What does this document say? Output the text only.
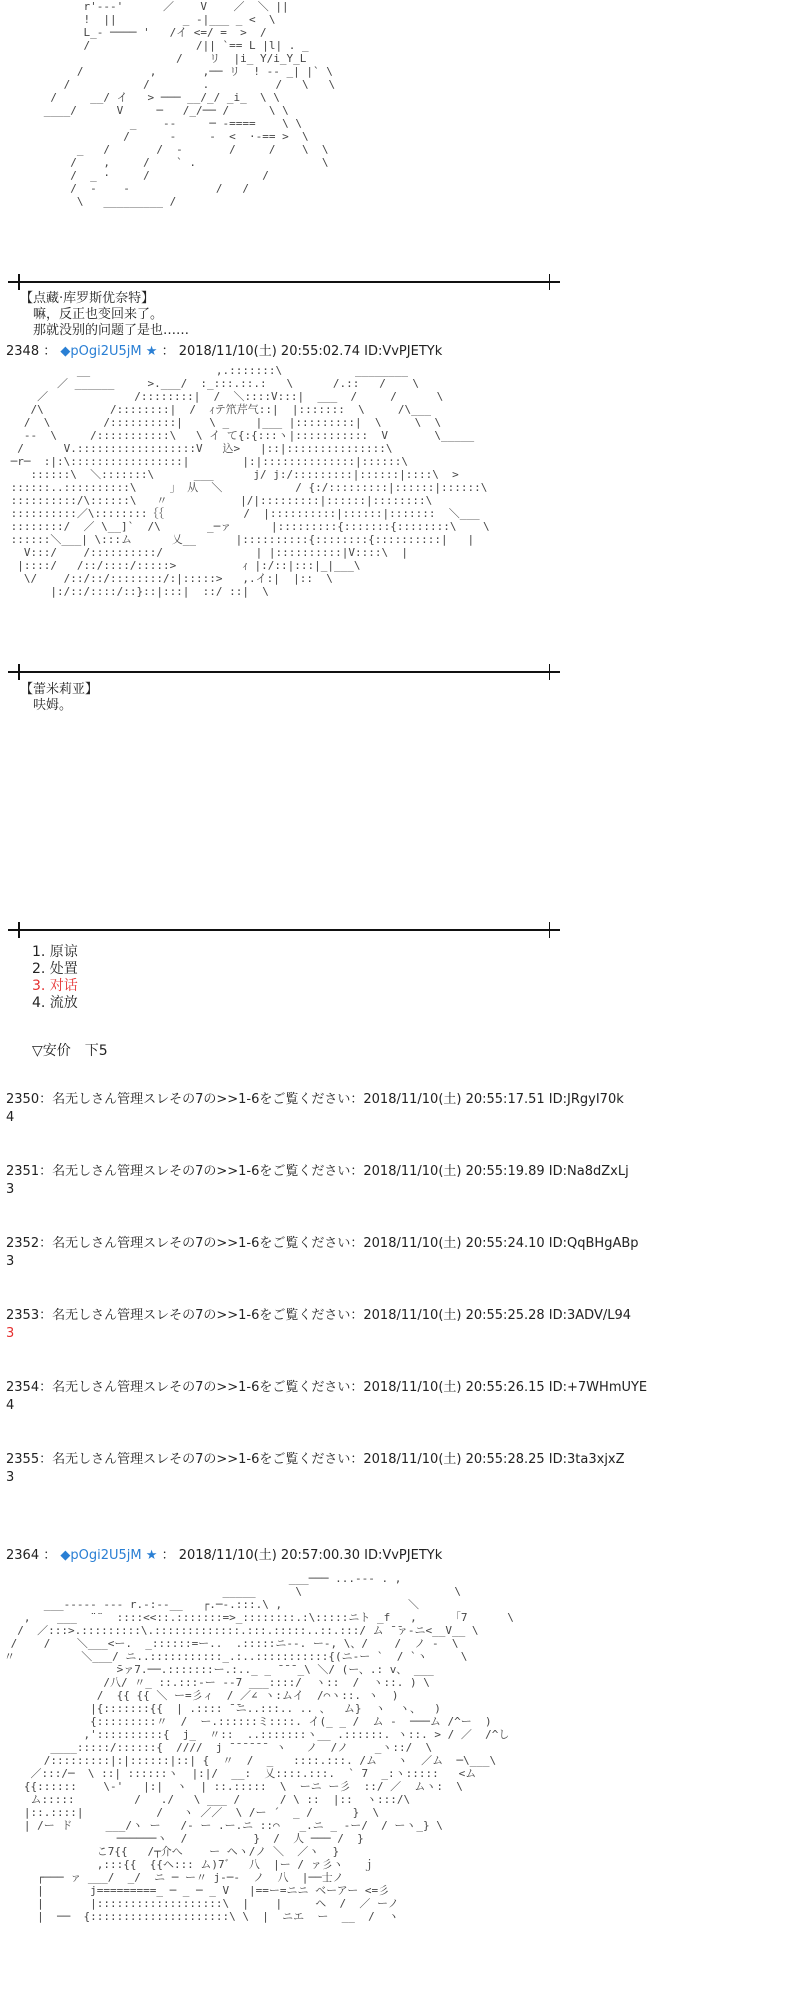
r'-‐‐'      ／    V    ／  ＼ ||
!  ||          _ -|___ _ <  \
L_- ──── '   /イ <=/ =  >  /
/                /|| `== L |l| . _
/    リ  |i_ Y/i_Y_L
/          ,       ,── リ  ! -- _| |` \
/           /        .          /   \   \
/     __/ イ   > ─── __/_/ _i_  \ \
____/      V     ─   /_/── /      \ \
_    --     ─ -====    \ \
/      -     -  <  ·-== >  \
_   /       /  -       /     /    \  \
/    ,     /    ` .                   \
/  _ ·     /                 /
/  -    -             /   /
\   _________ /
【点藏·库罗斯优奈特】
　嘛，反正也变回来了。
　那就没别的问题了是也……
2348 ： ◆pOgi2U5jM ★ ： 2018/11/10(土) 20:55:02.74 ID:VvPJETYk
__                   ,.:::::::\           ________
／ ______     >.___/  :_:::.::.:   \      /.::   /    \
／             /::::::::|  /  ＼::::V:::|  ___  /     /      \
/\          /::::::::|  /  ｨテ笊芹气::|  |:::::::  \     /\___
/  \        /::::::::::|    \ _    |___ |:::::::::|  \     \  \
--  \     /:::::::::::\   \ イ て{:{:::ヽ|:::::::::::  V       \_____
/      V.::::::::::::::::::V   込>   |::|:::::::::::::::\
─r─  :|:\:::::::::::::::::|        |:|::::::::::::::|::::::\
::::::\  ＼:::::::\      ___      j/ j:/:::::::::|::::::|::::\  >
::::::..::::::::::\     」 从  ＼           / {:/:::::::::|::::::|::::::\
::::::::::/\::::::\   〃           |/|:::::::::|::::::|::::::::\
::::::::::／\::::::::｛｛            /  |::::::::::|::::::|:::::::  ＼___
::::::::/  ／ \__]`  /\       _─ァ      |:::::::::{:::::::{::::::::\    \
::::::＼___| \:::ム      乂__      |::::::::::{::::::::{::::::::::|   |
V:::/    /::::::::::/              | |::::::::::|V::::\  |
|::::/   /::/::::/:::::>          ｨ |:/::|:::|_|___\
\/    /::/::/::::::::/:|:::::>   ,.イ:|  |::  \
|:/::/::::/::}::|:::|  ::/ ::|  \

【蕾米莉亚】
　呋姆。
1. 原谅
2. 处置
3. 对话
4. 流放
▽安价　下5
2350：名无しさん管理スレその7の>>1-6をご覧ください：2018/11/10(土) 20:55:17.51 ID:JRgyI70k
4
2351：名无しさん管理スレその7の>>1-6をご覧ください：2018/11/10(土) 20:55:19.89 ID:Na8dZxLj
3
2352：名无しさん管理スレその7の>>1-6をご覧ください：2018/11/10(土) 20:55:24.10 ID:QqBHgABp
3
2353：名无しさん管理スレその7の>>1-6をご覧ください：2018/11/10(土) 20:55:25.28 ID:3ADV/L94
3
2354：名无しさん管理スレその7の>>1-6をご覧ください：2018/11/10(土) 20:55:26.15 ID:+7WHmUYE
4
2355：名无しさん管理スレその7の>>1-6をご覧ください：2018/11/10(土) 20:55:28.25 ID:3ta3xjxZ
3
2364 ： ◆pOgi2U5jM ★ ： 2018/11/10(土) 20:57:00.30 ID:VvPJETYk
___─── ...--- . ,
_____      \                       \
___----- --- r.-:--__   ┌.─-.:::.\ ,                   ＼
,    ___  ¨¨  ::::<<::.:::::::=>_::::::::.:\:::::ニト _f   ,     「7      \
/  ／:::>.:::::::::\.:::::::::::::.:::.:::::..::.:::/ ム ̄ ̄ァ-ニ<__V__ \
/    /    ＼___<ー.  _::::::=ー..  .:::::ニ--. ー‐, \、/    /  ノ ‐  \
〃          ＼___/ ニ..:::::::::::_.:..:::::::::::{(ニ-ー `  / `ヽ     \
̄>ァ7.──.:::::::ー.:.._ _ ̄ ̄ ̄ _\ ＼/ (ー、.: v、 ___
/八/ 〃_ ::.:::-ー ‐-7 ___::::/  ヽ::  /  ヽ::. ) \
/  {{ {{ ＼ ー=彡ィ  / ／∠ ヽ:ムイ  /⌒ヽ::. ヽ  )
|{:::::::{{  | .:::: ̄ ̄ニ..:::.. .. 、  ム}  ヽ  ヽ、  )
{:::::::::〃  /  ー.::::::ミ::::. イ(_ _ /  ム ‐  ───ム /^ー  )
,'::::::::::{  j_  〃::  ..:::::::ヽ__ .::::::. ヽ::. > / ／  /^し
____:::::/::::::{  ////  j ̄ ̄ ̄ ̄ ̄ ̄  ヽ   ノ  /ノ    _ヽ::/  \
/:::::::::|:|::::::|::| {  〃  /  _   ::::.:::. /ム   ヽ  ／ム  ─\___\
／:::/─  \ ::| ::::::ヽ  |:|/  __:  乂::::.:::.  ` 7  _:ヽ:::::   <ム
{{::::::    \-'   |:|  ヽ  | ::.:::::  \  ーニ ー彡  ::/ ／  ムヽ:  \
ム:::::         /   ./   \ ___ /      / \ ::  |::  ヽ:::/\
|::.::::|           /   ヽ ／／  \ /ー ´  _ /      }  \
| /ー ド     ___/ヽ ー   /- ー .ー.ニ ::⌒   _.ニ _ -ー/  / ーヽ_} \
──────ヽ  /          }  /  人 ─── /  }
こ7{{   /┬介へ    ー ヘヽ/ノ ＼  ／ヽ  }
,:::{{  {{ヘ::: ム)7゛  八  |ー / ァ彡ヽ   ｊ
┌─── ァ ___/  _/  ニ ─ ー〃 j-─-  ノ  八  |──士ノ
|       j=========_ ─ _ ─ _ V   |==ー=ニニ ベーアー <=彡
|       |:::::::::::::::::::\  |    |     ヘ  /  ／ ーノ
|  ──  {:::::::::::::::::::::\ \  |  ニエ  ー  __  /  ヽ
